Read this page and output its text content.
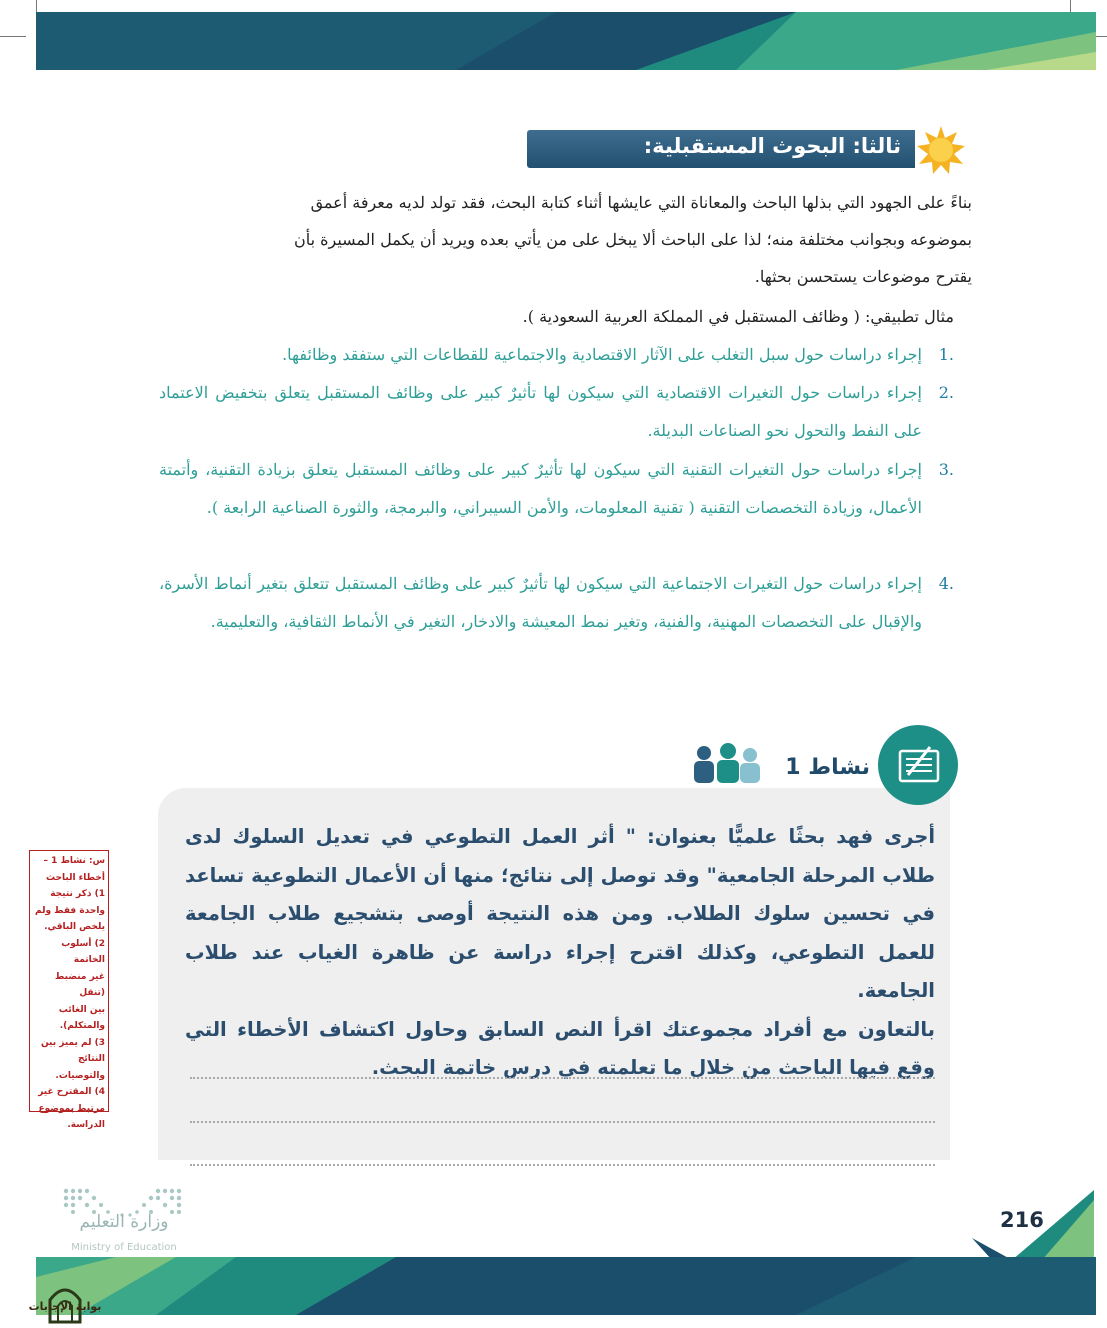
ثالثا: البحوث المستقبلية:
بناءً على الجهود التي بذلها الباحث والمعاناة التي عايشها أثناء كتابة البحث، فقد تولد لديه معرفة أعمق
بموضوعه وبجوانب مختلفة منه؛ لذا على الباحث ألا يبخل على من يأتي بعده ويريد أن يكمل المسيرة بأن
يقترح موضوعات يستحسن بحثها.
مثال تطبيقي: ( وظائف المستقبل في المملكة العربية السعودية ).
.1
إجراء دراسات حول سبل التغلب على الآثار الاقتصادية والاجتماعية للقطاعات التي ستفقد وظائفها.
.2
إجراء دراسات حول التغيرات الاقتصادية التي سيكون لها تأثيرٌ كبير على وظائف المستقبل يتعلق بتخفيض الاعتماد على النفط والتحول نحو الصناعات البديلة.
.3
إجراء دراسات حول التغيرات التقنية التي سيكون لها تأثيرٌ كبير على وظائف المستقبل يتعلق بزيادة التقنية، وأتمتة الأعمال، وزيادة التخصصات التقنية ( تقنية المعلومات، والأمن السيبراني، والبرمجة، والثورة الصناعية الرابعة ).
.4
إجراء دراسات حول التغيرات الاجتماعية التي سيكون لها تأثيرٌ كبير على وظائف المستقبل تتعلق بتغير أنماط الأسرة، والإقبال على التخصصات المهنية، والفنية، وتغير نمط المعيشة والادخار، التغير في الأنماط الثقافية، والتعليمية.
نشاط 1
أجرى فهد بحثًا علميًّا بعنوان: " أثر العمل التطوعي في تعديل السلوك لدى طلاب المرحلة الجامعية" وقد توصل إلى نتائج؛ منها أن الأعمال التطوعية تساعد في تحسين سلوك الطلاب. ومن هذه النتيجة أوصى بتشجيع طلاب الجامعة للعمل التطوعي، وكذلك اقترح إجراء دراسة عن ظاهرة الغياب عند طلاب الجامعة.
بالتعاون مع أفراد مجموعتك اقرأ النص السابق وحاول اكتشاف الأخطاء التي وقع فيها الباحث من خلال ما تعلمته في درس خاتمة البحث.
س: نشاط 1 –
أخطاء الباحث
1) ذكر نتيجة
واحدة فقط ولم
يلخص الباقي.
2) أسلوب الخاتمة
غير منضبط (تنقل
بين الغائب
والمتكلم).
3) لم يميز بين
النتائج
والتوصيات.
4) المقترح غير
مرتبط بموضوع
الدراسة.
وزارة التعليم
Ministry of Education
216
بوابة الإجابات
